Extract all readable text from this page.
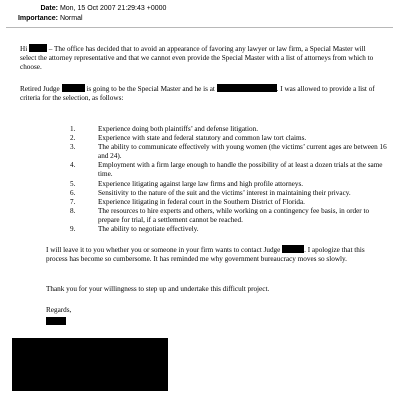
Date: Mon, 15 Oct 2007 21:29:43 +0000
Importance: Normal
Hi	– The office has decided that to avoid an appearance of favoring any lawyer or law firm, a Special Master will select the attorney representative and that we cannot even provide the Special Master with a list of attorneys from which to choose.
Retired Judge	is going to be the Special Master and he is at	. I was allowed to provide a list of criteria for the selection, as follows:
1.	Experience doing both plaintiffs’ and defense litigation.
2.	Experience with state and federal statutory and common law tort claims.
3.	The ability to communicate effectively with young women (the victims’ current ages are between 16 and 24).
4.	Employment with a firm large enough to handle the possibility of at least a dozen trials at the same time.
5.	Experience litigating against large law firms and high profile attorneys.
6.	Sensitivity to the nature of the suit and the victims’ interest in maintaining their privacy.
7.	Experience litigating in federal court in the Southern District of Florida.
8.	The resources to hire experts and others, while working on a contingency fee basis, in order to prepare for trial, if a settlement cannot be reached.
9.	The ability to negotiate effectively.
I will leave it to you whether you or someone in your firm wants to contact Judge	. I apologize that this process has become so cumbersome. It has reminded me why government bureaucracy moves so slowly.
Thank you for your willingness to step up and undertake this difficult project.
Regards,
